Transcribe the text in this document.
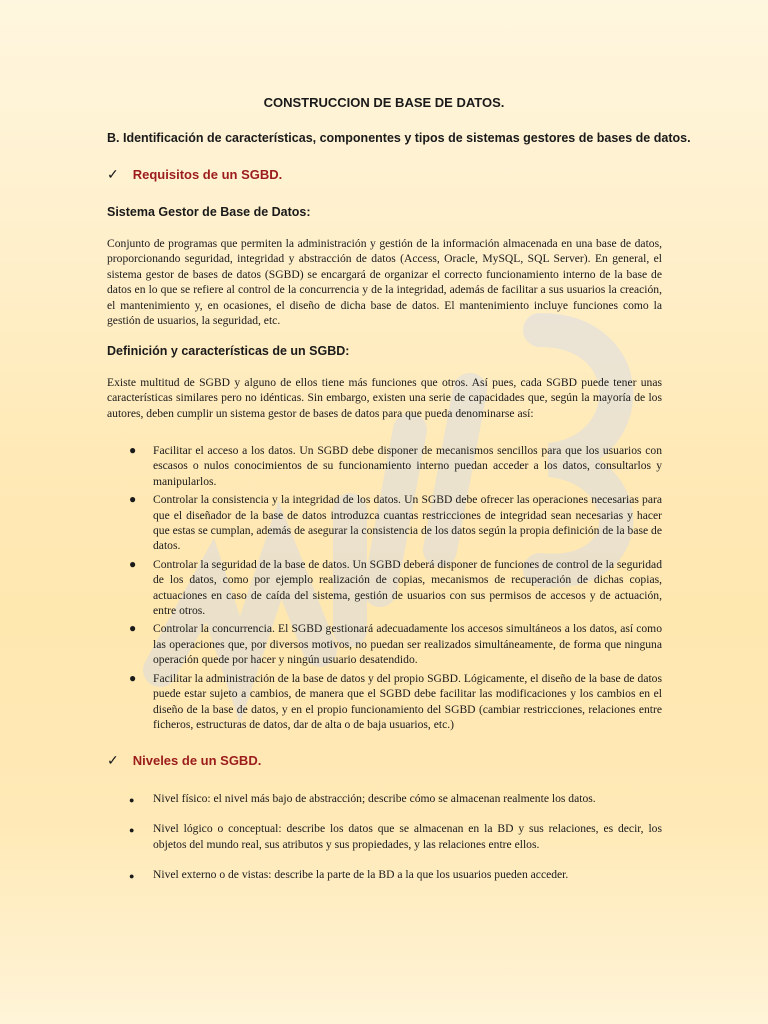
CONSTRUCCION DE BASE DE DATOS.
B. Identificación de características, componentes y tipos de sistemas gestores de bases de datos.
✓ Requisitos de un SGBD.
Sistema Gestor de Base de Datos:
Conjunto de programas que permiten la administración y gestión de la información almacenada en una base de datos, proporcionando seguridad, integridad y abstracción de datos (Access, Oracle, MySQL, SQL Server). En general, el sistema gestor de bases de datos (SGBD) se encargará de organizar el correcto funcionamiento interno de la base de datos en lo que se refiere al control de la concurrencia y de la integridad, además de facilitar a sus usuarios la creación, el mantenimiento y, en ocasiones, el diseño de dicha base de datos. El mantenimiento incluye funciones como la gestión de usuarios, la seguridad, etc.
Definición y características de un SGBD:
Existe multitud de SGBD y alguno de ellos tiene más funciones que otros. Así pues, cada SGBD puede tener unas características similares pero no idénticas. Sin embargo, existen una serie de capacidades que, según la mayoría de los autores, deben cumplir un sistema gestor de bases de datos para que pueda denominarse así:
● Facilitar el acceso a los datos. Un SGBD debe disponer de mecanismos sencillos para que los usuarios con escasos o nulos conocimientos de su funcionamiento interno puedan acceder a los datos, consultarlos y manipularlos.
● Controlar la consistencia y la integridad de los datos. Un SGBD debe ofrecer las operaciones necesarias para que el diseñador de la base de datos introduzca cuantas restricciones de integridad sean necesarias y hacer que estas se cumplan, además de asegurar la consistencia de los datos según la propia definición de la base de datos.
● Controlar la seguridad de la base de datos. Un SGBD deberá disponer de funciones de control de la seguridad de los datos, como por ejemplo realización de copias, mecanismos de recuperación de dichas copias, actuaciones en caso de caída del sistema, gestión de usuarios con sus permisos de accesos y de actuación, entre otros.
● Controlar la concurrencia. El SGBD gestionará adecuadamente los accesos simultáneos a los datos, así como las operaciones que, por diversos motivos, no puedan ser realizados simultáneamente, de forma que ninguna operación quede por hacer y ningún usuario desatendido.
● Facilitar la administración de la base de datos y del propio SGBD. Lógicamente, el diseño de la base de datos puede estar sujeto a cambios, de manera que el SGBD debe facilitar las modificaciones y los cambios en el diseño de la base de datos, y en el propio funcionamiento del SGBD (cambiar restricciones, relaciones entre ficheros, estructuras de datos, dar de alta o de baja usuarios, etc.)
✓ Niveles de un SGBD.
● Nivel físico: el nivel más bajo de abstracción; describe cómo se almacenan realmente los datos.
● Nivel lógico o conceptual: describe los datos que se almacenan en la BD y sus relaciones, es decir, los objetos del mundo real, sus atributos y sus propiedades, y las relaciones entre ellos.
● Nivel externo o de vistas: describe la parte de la BD a la que los usuarios pueden acceder.
